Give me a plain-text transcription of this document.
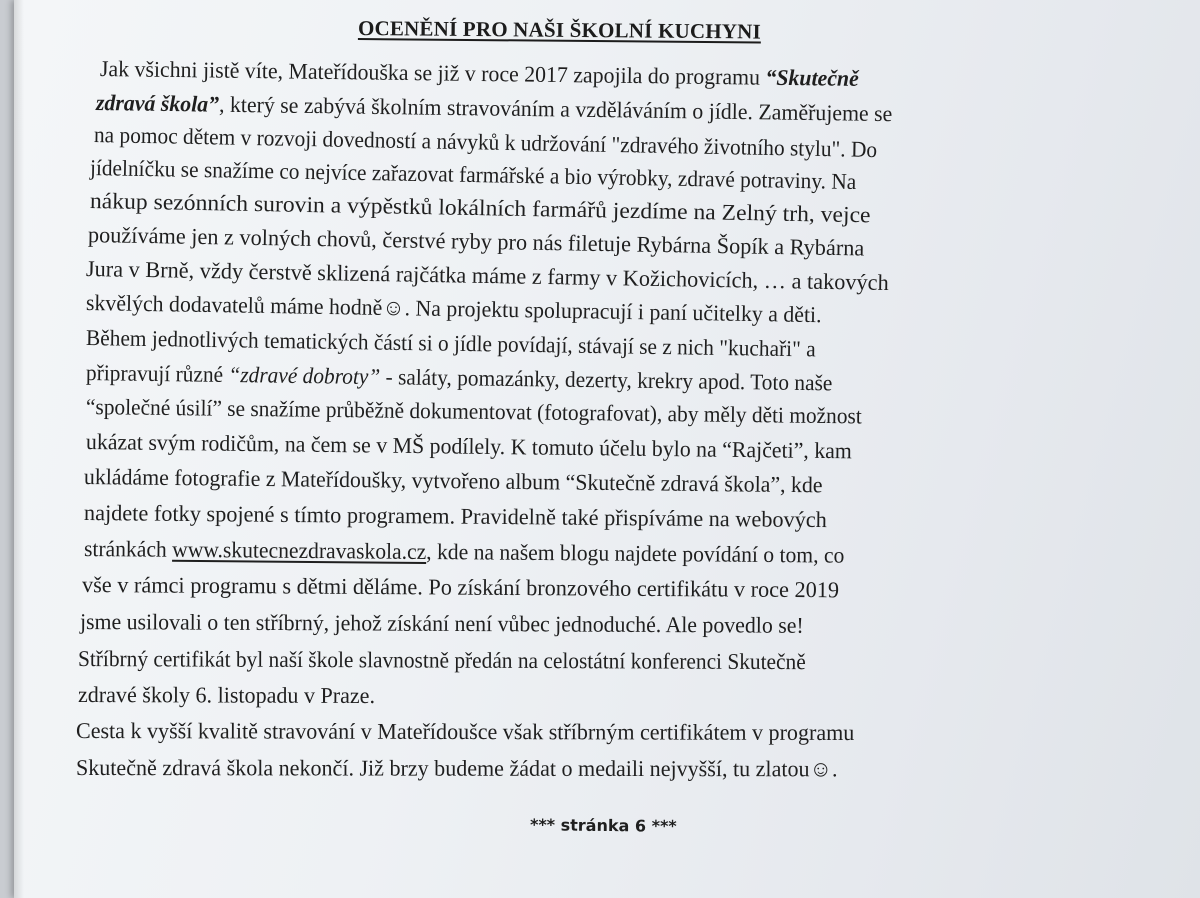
OCENĚNÍ PRO NAŠI ŠKOLNÍ KUCHYNI

Jak všichni jistě víte, Mateřídouška se již v roce 2017 zapojila do programu “Skutečně

zdravá škola”, který se zabývá školním stravováním a vzděláváním o jídle. Zaměřujeme se

na pomoc dětem v rozvoji dovedností a návyků k udržování "zdravého životního stylu". Do

jídelníčku se snažíme co nejvíce zařazovat farmářské a bio výrobky, zdravé potraviny. Na

nákup sezónních surovin a výpěstků lokálních farmářů jezdíme na Zelný trh, vejce

používáme jen z volných chovů, čerstvé ryby pro nás filetuje Rybárna Šopík a Rybárna

Jura v Brně, vždy čerstvě sklizená rajčátka máme z farmy v Kožichovicích, … a takových

skvělých dodavatelů máme hodně☺. Na projektu spolupracují i paní učitelky a děti.

Během jednotlivých tematických částí si o jídle povídají, stávají se z nich "kuchaři" a

připravují různé “zdravé dobroty” - saláty, pomazánky, dezerty, krekry apod. Toto naše

“společné úsilí” se snažíme průběžně dokumentovat (fotografovat), aby měly děti možnost

ukázat svým rodičům, na čem se v MŠ podílely. K tomuto účelu bylo na “Rajčeti”, kam

ukládáme fotografie z Mateřídoušky, vytvořeno album “Skutečně zdravá škola”, kde

najdete fotky spojené s tímto programem. Pravidelně také přispíváme na webových

stránkách www.skutecnezdravaskola.cz, kde na našem blogu najdete povídání o tom, co

vše v rámci programu s dětmi děláme. Po získání bronzového certifikátu v roce 2019

jsme usilovali o ten stříbrný, jehož získání není vůbec jednoduché. Ale povedlo se!

Stříbrný certifikát byl naší škole slavnostně předán na celostátní konferenci Skutečně

zdravé školy 6. listopadu v Praze.

Cesta k vyšší kvalitě stravování v Mateřídoušce však stříbrným certifikátem v programu

Skutečně zdravá škola nekončí. Již brzy budeme žádat o medaili nejvyšší, tu zlatou☺.

*** stránka 6 ***
